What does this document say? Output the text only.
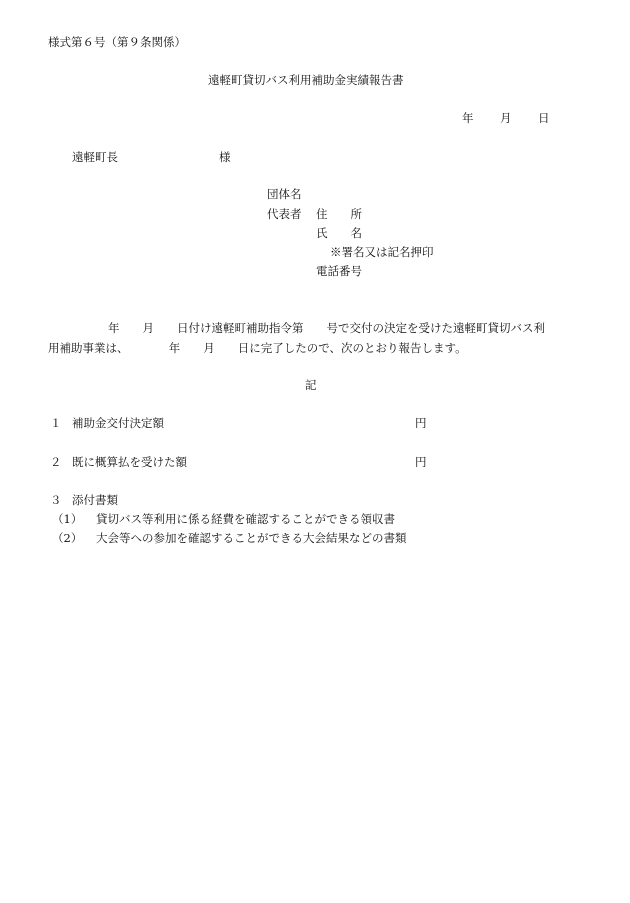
様式第６号（第９条関係）
遠軽町貸切バス利用補助金実績報告書
年 月 日
遠軽町長	様
団体名
代表者 住　　所
氏　　名
※署名又は記名押印
電話番号
年　　月　　日付け遠軽町補助指令第　　号で交付の決定を受けた遠軽町貸切バス利
用補助事業は、　　　　年　　月　　日に完了したので、次のとおり報告します。
記
１ 補助金交付決定額	円
２ 既に概算払を受けた額	円
３ 添付書類
（1） 貸切バス等利用に係る経費を確認することができる領収書
（2） 大会等への参加を確認することができる大会結果などの書類
